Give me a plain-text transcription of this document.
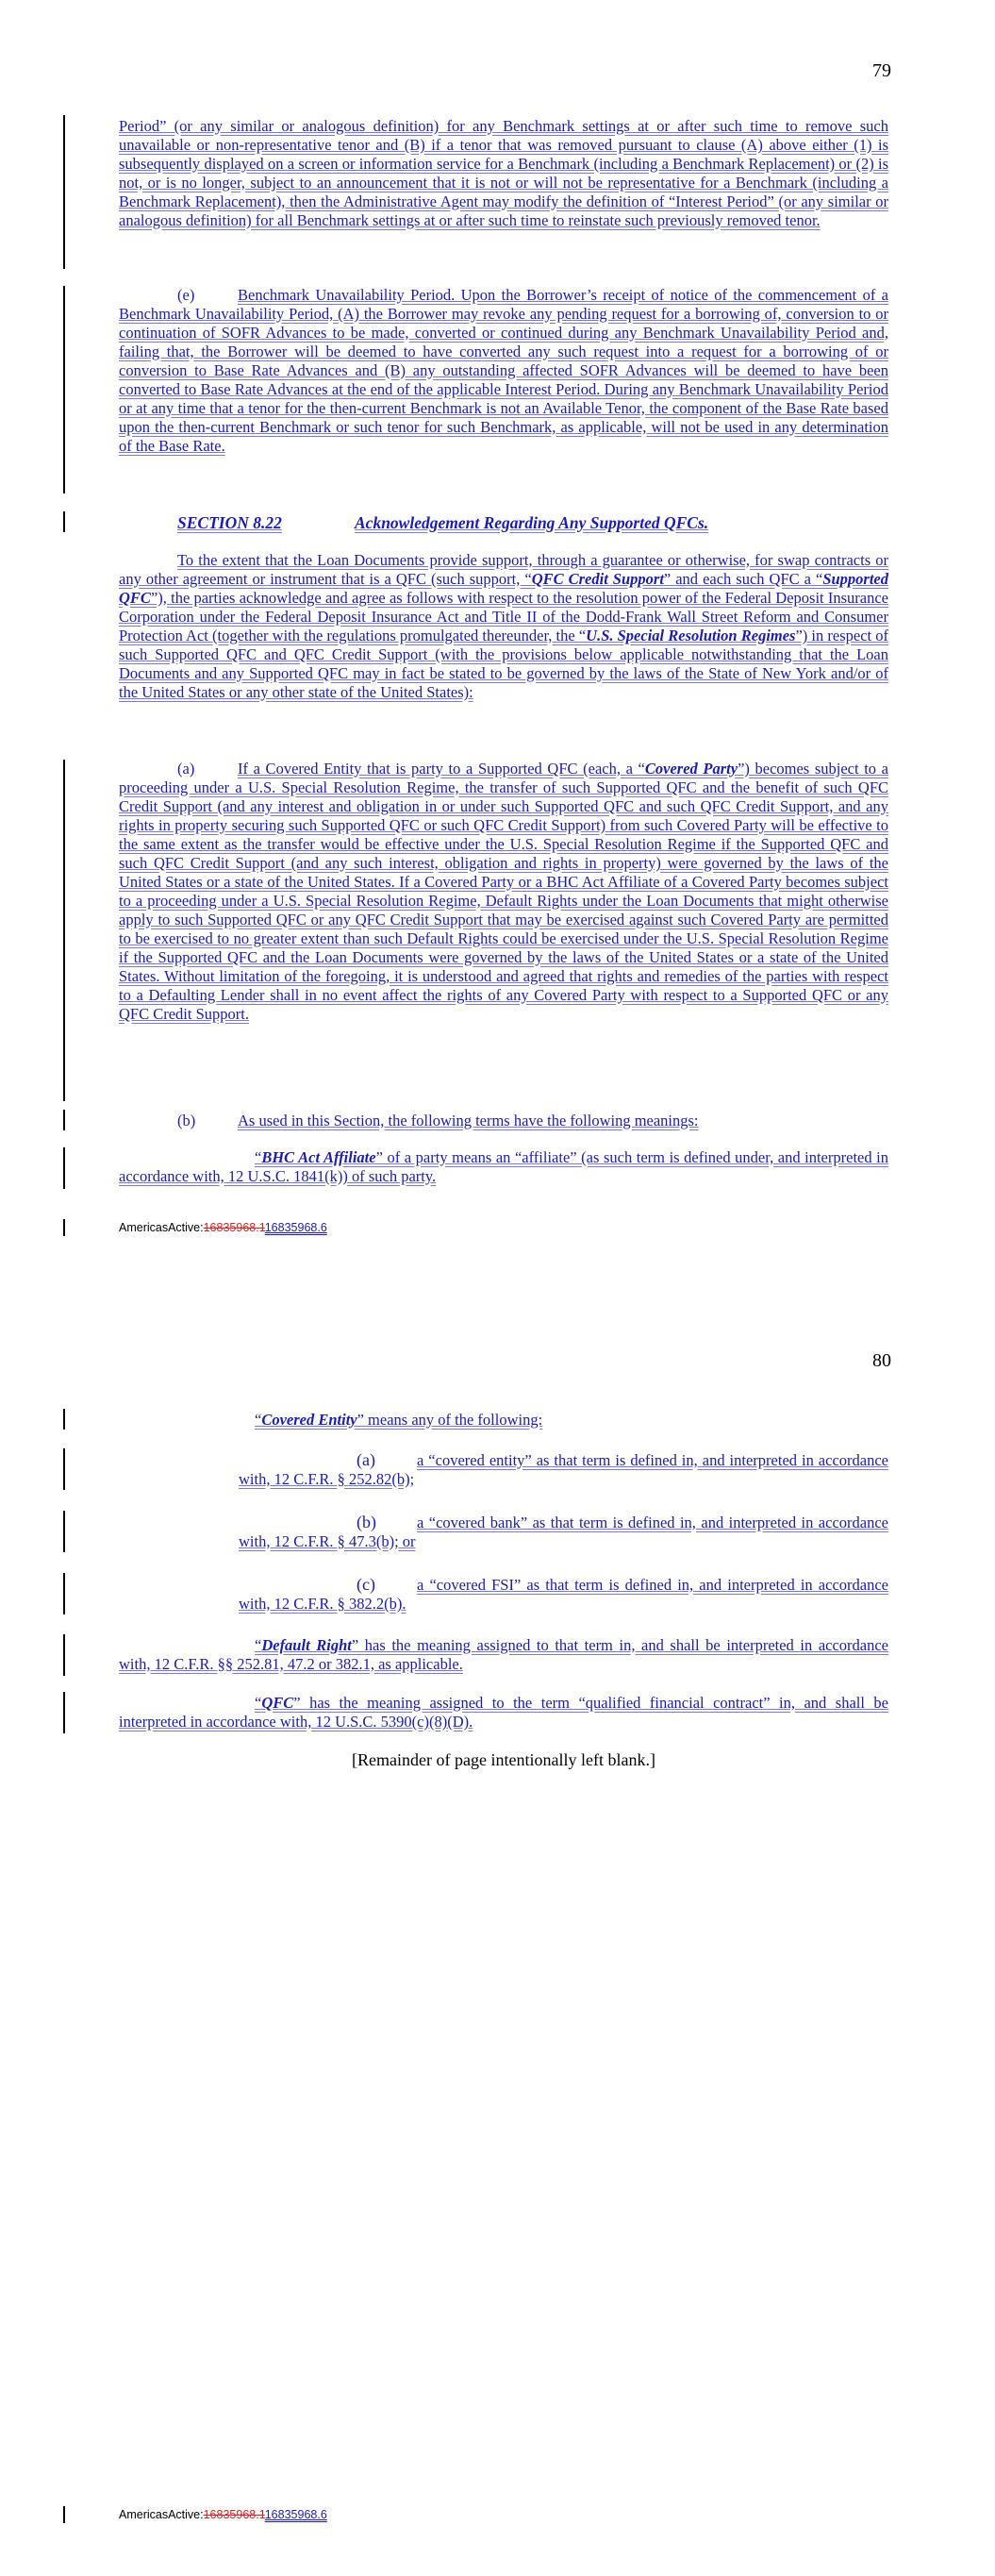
79
Period” (or any similar or analogous definition) for any Benchmark settings at or after such time to remove such unavailable or non-representative tenor and (B) if a tenor that was removed pursuant to clause (A) above either (1) is subsequently displayed on a screen or information service for a Benchmark (including a Benchmark Replacement) or (2) is not, or is no longer, subject to an announcement that it is not or will not be representative for a Benchmark (including a Benchmark Replacement), then the Administrative Agent may modify the definition of “Interest Period” (or any similar or analogous definition) for all Benchmark settings at or after such time to reinstate such previously removed tenor.
(e)	Benchmark Unavailability Period. Upon the Borrower’s receipt of notice of the commencement of a Benchmark Unavailability Period, (A) the Borrower may revoke any pending request for a borrowing of, conversion to or continuation of SOFR Advances to be made, converted or continued during any Benchmark Unavailability Period and, failing that, the Borrower will be deemed to have converted any such request into a request for a borrowing of or conversion to Base Rate Advances and (B) any outstanding affected SOFR Advances will be deemed to have been converted to Base Rate Advances at the end of the applicable Interest Period. During any Benchmark Unavailability Period or at any time that a tenor for the then-current Benchmark is not an Available Tenor, the component of the Base Rate based upon the then-current Benchmark or such tenor for such Benchmark, as applicable, will not be used in any determination of the Base Rate.
SECTION 8.22	Acknowledgement Regarding Any Supported QFCs.
To the extent that the Loan Documents provide support, through a guarantee or otherwise, for swap contracts or any other agreement or instrument that is a QFC (such support, “QFC Credit Support” and each such QFC a “Supported QFC”), the parties acknowledge and agree as follows with respect to the resolution power of the Federal Deposit Insurance Corporation under the Federal Deposit Insurance Act and Title II of the Dodd-Frank Wall Street Reform and Consumer Protection Act (together with the regulations promulgated thereunder, the “U.S. Special Resolution Regimes”) in respect of such Supported QFC and QFC Credit Support (with the provisions below applicable notwithstanding that the Loan Documents and any Supported QFC may in fact be stated to be governed by the laws of the State of New York and/or of the United States or any other state of the United States):
(a)	If a Covered Entity that is party to a Supported QFC (each, a “Covered Party”) becomes subject to a proceeding under a U.S. Special Resolution Regime, the transfer of such Supported QFC and the benefit of such QFC Credit Support (and any interest and obligation in or under such Supported QFC and such QFC Credit Support, and any rights in property securing such Supported QFC or such QFC Credit Support) from such Covered Party will be effective to the same extent as the transfer would be effective under the U.S. Special Resolution Regime if the Supported QFC and such QFC Credit Support (and any such interest, obligation and rights in property) were governed by the laws of the United States or a state of the United States. If a Covered Party or a BHC Act Affiliate of a Covered Party becomes subject to a proceeding under a U.S. Special Resolution Regime, Default Rights under the Loan Documents that might otherwise apply to such Supported QFC or any QFC Credit Support that may be exercised against such Covered Party are permitted to be exercised to no greater extent than such Default Rights could be exercised under the U.S. Special Resolution Regime if the Supported QFC and the Loan Documents were governed by the laws of the United States or a state of the United States. Without limitation of the foregoing, it is understood and agreed that rights and remedies of the parties with respect to a Defaulting Lender shall in no event affect the rights of any Covered Party with respect to a Supported QFC or any QFC Credit Support.
(b)	As used in this Section, the following terms have the following meanings:
“BHC Act Affiliate” of a party means an “affiliate” (as such term is defined under, and interpreted in accordance with, 12 U.S.C. 1841(k)) of such party.
AmericasActive:16835968.116835968.6
80
“Covered Entity” means any of the following:
(a)	a “covered entity” as that term is defined in, and interpreted in accordance with, 12 C.F.R. § 252.82(b);
(b)	a “covered bank” as that term is defined in, and interpreted in accordance with, 12 C.F.R. § 47.3(b); or
(c)	a “covered FSI” as that term is defined in, and interpreted in accordance with, 12 C.F.R. § 382.2(b).
“Default Right” has the meaning assigned to that term in, and shall be interpreted in accordance with, 12 C.F.R. §§ 252.81, 47.2 or 382.1, as applicable.
“QFC” has the meaning assigned to the term “qualified financial contract” in, and shall be interpreted in accordance with, 12 U.S.C. 5390(c)(8)(D).
[Remainder of page intentionally left blank.]
AmericasActive:16835968.116835968.6
